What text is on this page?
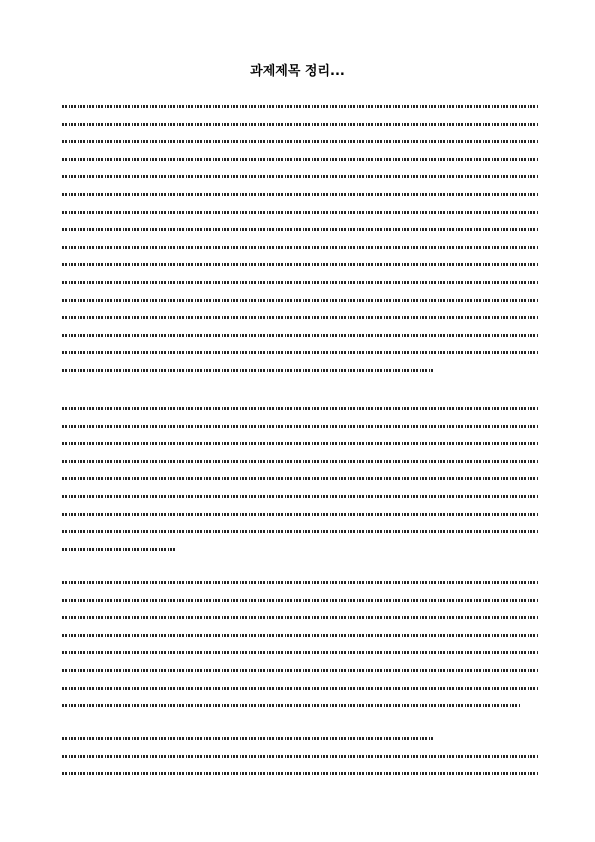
과제제목 정리...
